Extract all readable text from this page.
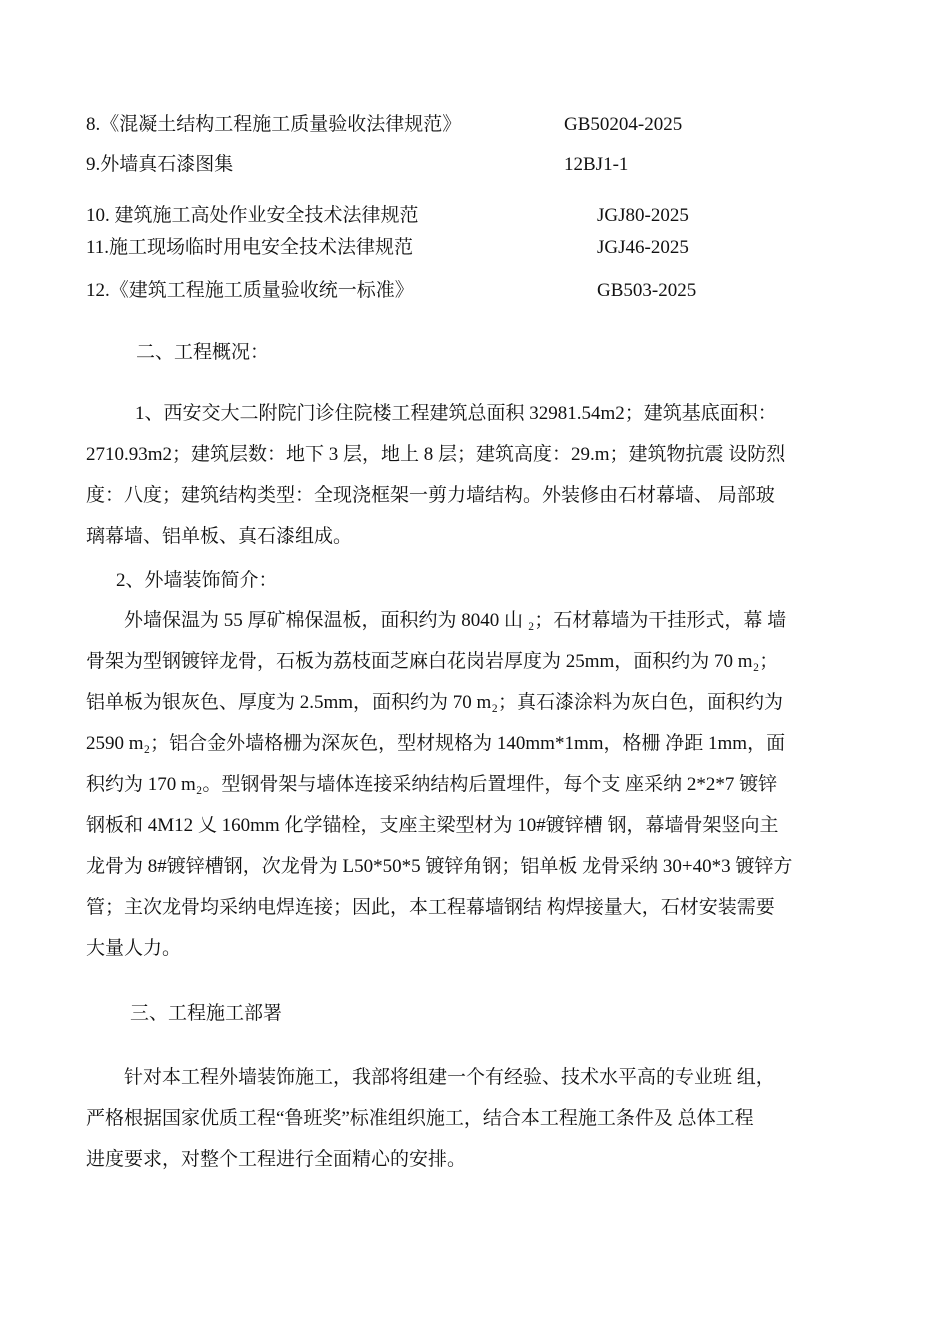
8.《混凝土结构工程施工质量验收法律规范》	GB50204-2025
9.外墙真石漆图集	12BJ1-1
10. 建筑施工高处作业安全技术法律规范	JGJ80-2025
11.施工现场临时用电安全技术法律规范	JGJ46-2025
12.《建筑工程施工质量验收统一标准》	GB503-2025
二、工程概况：
1、西安交大二附院门诊住院楼工程建筑总面积 32981.54m2；建筑基底面积：
2710.93m2；建筑层数：地下 3 层，地上 8 层；建筑高度：29.m；建筑物抗震 设防烈
度：八度；建筑结构类型：全现浇框架一剪力墙结构。外装修由石材幕墙、 局部玻
璃幕墙、铝单板、真石漆组成。
2、外墙装饰简介：
外墙保温为 55 厚矿棉保温板，面积约为 8040 山 ₂；石材幕墙为干挂形式，幕 墙
骨架为型钢镀锌龙骨，石板为荔枝面芝麻白花岗岩厚度为 25mm，面积约为 70 m₂；
铝单板为银灰色、厚度为 2.5mm，面积约为 70 m₂；真石漆涂料为灰白色，面积约为
2590 m₂；铝合金外墙格栅为深灰色，型材规格为 140mm*1mm，格栅 净距 1mm，面
积约为 170 m₂。型钢骨架与墙体连接采纳结构后置埋件，每个支 座采纳 2*2*7 镀锌
钢板和 4M12 乂 160mm 化学锚栓，支座主梁型材为 10#镀锌槽 钢，幕墙骨架竖向主
龙骨为 8#镀锌槽钢，次龙骨为 L50*50*5 镀锌角钢；铝单板 龙骨采纳 30+40*3 镀锌方
管；主次龙骨均采纳电焊连接；因此，本工程幕墙钢结 构焊接量大，石材安装需要
大量人力。
三、工程施工部署
针对本工程外墙装饰施工，我部将组建一个有经验、技术水平高的专业班 组，
严格根据国家优质工程“鲁班奖”标准组织施工，结合本工程施工条件及 总体工程
进度要求，对整个工程进行全面精心的安排。
